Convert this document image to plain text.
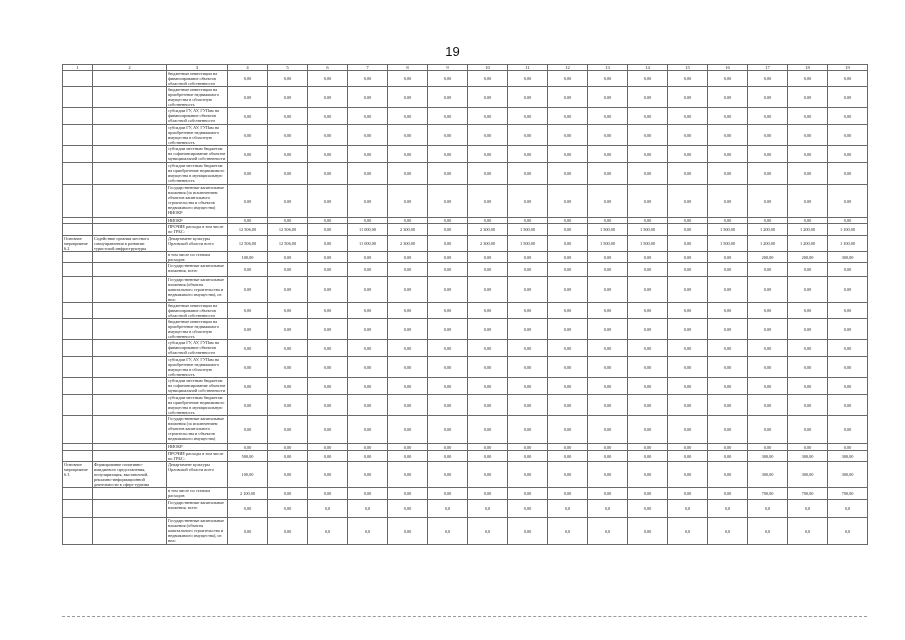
19
1	2	3	4	5	6	7	8	9	10	11	12	13	14	15	16	17	18	19
		бюджетные инвестиции на финансирование объектов областной собственности	0,00	0,00	0,00	0,00	0,00	0,00	0,00	0,00	0,00	0,00	0,00	0,00	0,00	0,00	0,00	0,00
		бюджетные инвестиции на приобретение недвижимого имущества в областную собственность	0,00	0,00	0,00	0,00	0,00	0,00	0,00	0,00	0,00	0,00	0,00	0,00	0,00	0,00	0,00	0,00
		субсидии ГУ, АУ, ГУПам на финансирование объектов областной собственности	0,00	0,00	0,00	0,00	0,00	0,00	0,00	0,00	0,00	0,00	0,00	0,00	0,00	0,00	0,00	0,00
		субсидии ГУ, АУ, ГУПам на приобретение недвижимого имущества в областную собственность	0,00	0,00	0,00	0,00	0,00	0,00	0,00	0,00	0,00	0,00	0,00	0,00	0,00	0,00	0,00	0,00
		субсидии местным бюджетам на софинансирование объектов муниципальной собственности	0,00	0,00	0,00	0,00	0,00	0,00	0,00	0,00	0,00	0,00	0,00	0,00	0,00	0,00	0,00	0,00
		субсидии местным бюджетам на приобретение недвижимого имущества в муниципальную собственность	0,00	0,00	0,00	0,00	0,00	0,00	0,00	0,00	0,00	0,00	0,00	0,00	0,00	0,00	0,00	0,00
		Государственные капитальные вложения (за исключением объектов капитального строительства и объектов недвижимого имущества) НИОКР	0,00	0,00	0,00	0,00	0,00	0,00	0,00	0,00	0,00	0,00	0,00	0,00	0,00	0,00	0,00	0,00
		НИОКР	0,00	0,00	0,00	0,00	0,00	0,00	0,00	0,00	0,00	0,00	0,00	0,00	0,00	0,00	0,00	0,00
		ПРОЧИЕ расходы в том числе по ГРБС:	12 506,00	12 506,00	0,00	11 000,00	2 300,00	0,00	2 300,00	1 500,00	0,00	1 500,00	1 500,00	0,00	1 500,00	1 200,00	1 200,00	1 100,00
Основное мероприятие 6.2	Содействие органам местного самоуправления в развитии туристской инфраструктуры	Департамент культуры Орловской области всего	12 506,00	12 506,00	0,00	11 000,00	2 300,00	0,00	2 300,00	1 500,00	0,00	1 500,00	1 500,00	0,00	1 500,00	1 200,00	1 200,00	1 100,00
		в том числе по статьям расходов:	100,00	0,00	0,00	0,00	0,00	0,00	0,00	0,00	0,00	0,00	0,00	0,00	0,00	200,00	200,00	300,00
		Государственные капитальные вложения, всего	0,00	0,00	0,00	0,00	0,00	0,00	0,00	0,00	0,00	0,00	0,00	0,00	0,00	0,00	0,00	0,00
		Государственные капитальные вложения (объекты капитального строительства и недвижимого имущества), из них:	0,00	0,00	0,00	0,00	0,00	0,00	0,00	0,00	0,00	0,00	0,00	0,00	0,00	0,00	0,00	0,00
		бюджетные инвестиции на финансирование объектов областной собственности	0,00	0,00	0,00	0,00	0,00	0,00	0,00	0,00	0,00	0,00	0,00	0,00	0,00	0,00	0,00	0,00
		бюджетные инвестиции на приобретение недвижимого имущества в областную собственность	0,00	0,00	0,00	0,00	0,00	0,00	0,00	0,00	0,00	0,00	0,00	0,00	0,00	0,00	0,00	0,00
		субсидии ГУ, АУ, ГУПам на финансирование объектов областной собственности	0,00	0,00	0,00	0,00	0,00	0,00	0,00	0,00	0,00	0,00	0,00	0,00	0,00	0,00	0,00	0,00
		субсидии ГУ, АУ, ГУПам на приобретение недвижимого имущества в областную собственность	0,00	0,00	0,00	0,00	0,00	0,00	0,00	0,00	0,00	0,00	0,00	0,00	0,00	0,00	0,00	0,00
		субсидии местным бюджетам на софинансирование объектов муниципальной собственности	0,00	0,00	0,00	0,00	0,00	0,00	0,00	0,00	0,00	0,00	0,00	0,00	0,00	0,00	0,00	0,00
		субсидии местным бюджетам на приобретение недвижимого имущества в муниципальную собственность	0,00	0,00	0,00	0,00	0,00	0,00	0,00	0,00	0,00	0,00	0,00	0,00	0,00	0,00	0,00	0,00
		Государственные капитальные вложения (за исключением объектов капитального строительства и объектов недвижимого имущества)	0,00	0,00	0,00	0,00	0,00	0,00	0,00	0,00	0,00	0,00	0,00	0,00	0,00	0,00	0,00	0,00
		НИОКР	0,00	0,00	0,00	0,00	0,00	0,00	0,00	0,00	0,00	0,00	0,00	0,00	0,00	0,00	0,00	0,00
		ПРОЧИЕ расходы в том числе по ГРБС:	500,00	0,00	0,00	0,00	0,00	0,00	0,00	0,00	0,00	0,00	0,00	0,00	0,00	300,00	300,00	300,00
Основное мероприятие 6.3	Формирование позитивно-имиджевого представления, популяризация, выставочной, рекламно-информационной деятельности в сфере туризма	Департамент культуры Орловской области всего	100,00	0,00	0,00	0,00	0,00	0,00	0,00	0,00	0,00	0,00	0,00	0,00	0,00	300,00	300,00	300,00
		в том числе по статьям расходов:	2 100,00	0,00	0,00	0,00	0,00	0,00	0,00	0,00	0,00	0,00	0,00	0,00	0,00	700,00	700,00	700,00
		Государственные капитальные вложения, всего	0,00	0,00	0,0	0,0	0,00	0,0	0,0	0,00	0,0	0,0	0,00	0,0	0,0	0,0	0,0	0,0
		Государственные капитальные вложения (объекты капитального строительства и недвижимого имущества), из них:	0,00	0,00	0,0	0,0	0,00	0,0	0,0	0,00	0,0	0,0	0,00	0,0	0,0	0,0	0,0	0,0
